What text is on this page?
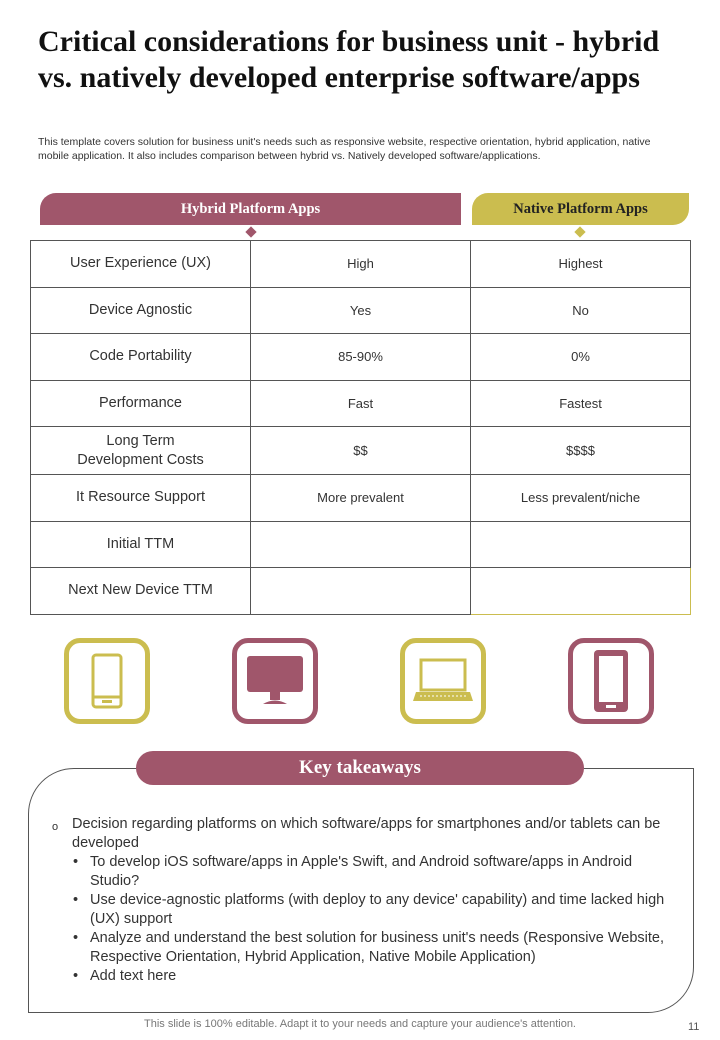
Critical considerations for business unit - hybrid vs. natively developed enterprise software/apps

This template covers solution for business unit's needs such as responsive website, respective orientation, hybrid application, native mobile application. It also includes comparison between hybrid vs. Natively developed software/applications.

Hybrid Platform Apps	Native Platform Apps
User Experience (UX)	High	Highest
Device Agnostic	Yes	No
Code Portability	85-90%	0%
Performance	Fast	Fastest
Long Term
Development Costs	$$	$$$$
It Resource Support	More prevalent	Less prevalent/niche
Initial TTM		
Next New Device TTM		
Key takeaways
o Decision regarding platforms on which software/apps for smartphones and/or tablets can be developed
• To develop iOS software/apps in Apple's Swift, and Android software/apps in Android Studio?
• Use device-agnostic platforms (with deploy to any device' capability) and time lacked high (UX) support
• Analyze and understand the best solution for business unit's needs (Responsive Website, Respective Orientation, Hybrid Application, Native Mobile Application)
• Add text here
This slide is 100% editable. Adapt it to your needs and capture your audience's attention.	11
